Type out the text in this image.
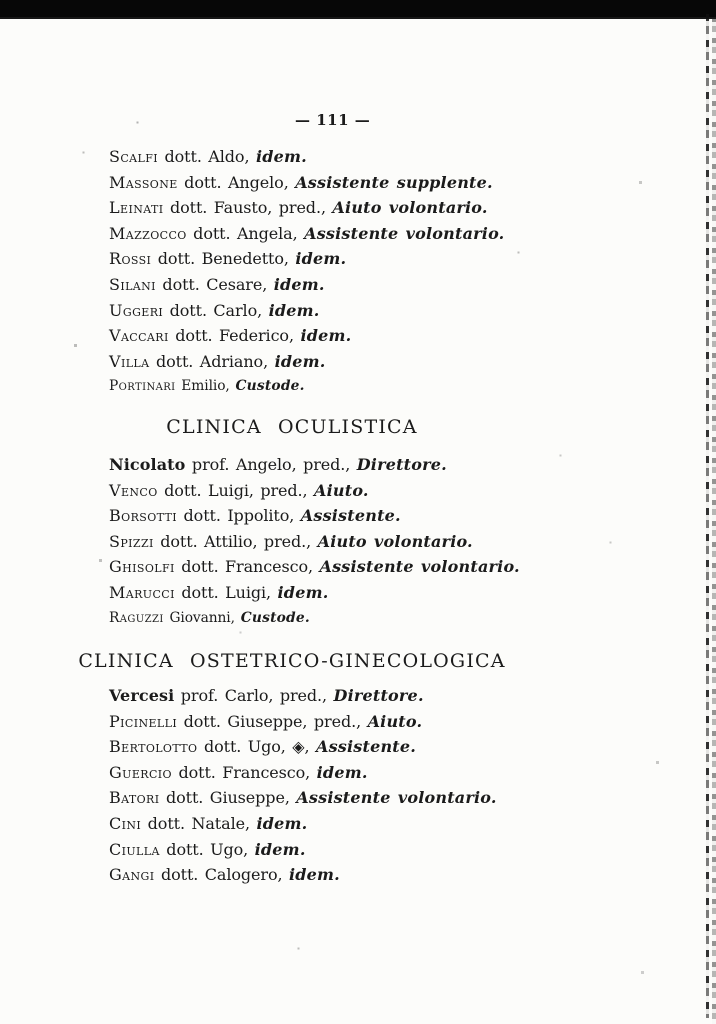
— 111 —
Scalfi dott. Aldo, idem.
Massone dott. Angelo, Assistente supplente.
Leinati dott. Fausto, pred., Aiuto volontario.
Mazzocco dott. Angela, Assistente volontario.
Rossi dott. Benedetto, idem.
Silani dott. Cesare, idem.
Uggeri dott. Carlo, idem.
Vaccari dott. Federico, idem.
Villa dott. Adriano, idem.
Portinari Emilio, Custode.
CLINICA OCULISTICA
Nicolato prof. Angelo, pred., Direttore.
Venco dott. Luigi, pred., Aiuto.
Borsotti dott. Ippolito, Assistente.
Spizzi dott. Attilio, pred., Aiuto volontario.
Ghisolfi dott. Francesco, Assistente volontario.
Marucci dott. Luigi, idem.
Raguzzi Giovanni, Custode.
CLINICA OSTETRICO-GINECOLOGICA
Vercesi prof. Carlo, pred., Direttore.
Picinelli dott. Giuseppe, pred., Aiuto.
Bertolotto dott. Ugo, ◈, Assistente.
Guercio dott. Francesco, idem.
Batori dott. Giuseppe, Assistente volontario.
Cini dott. Natale, idem.
Ciulla dott. Ugo, idem.
Gangi dott. Calogero, idem.
